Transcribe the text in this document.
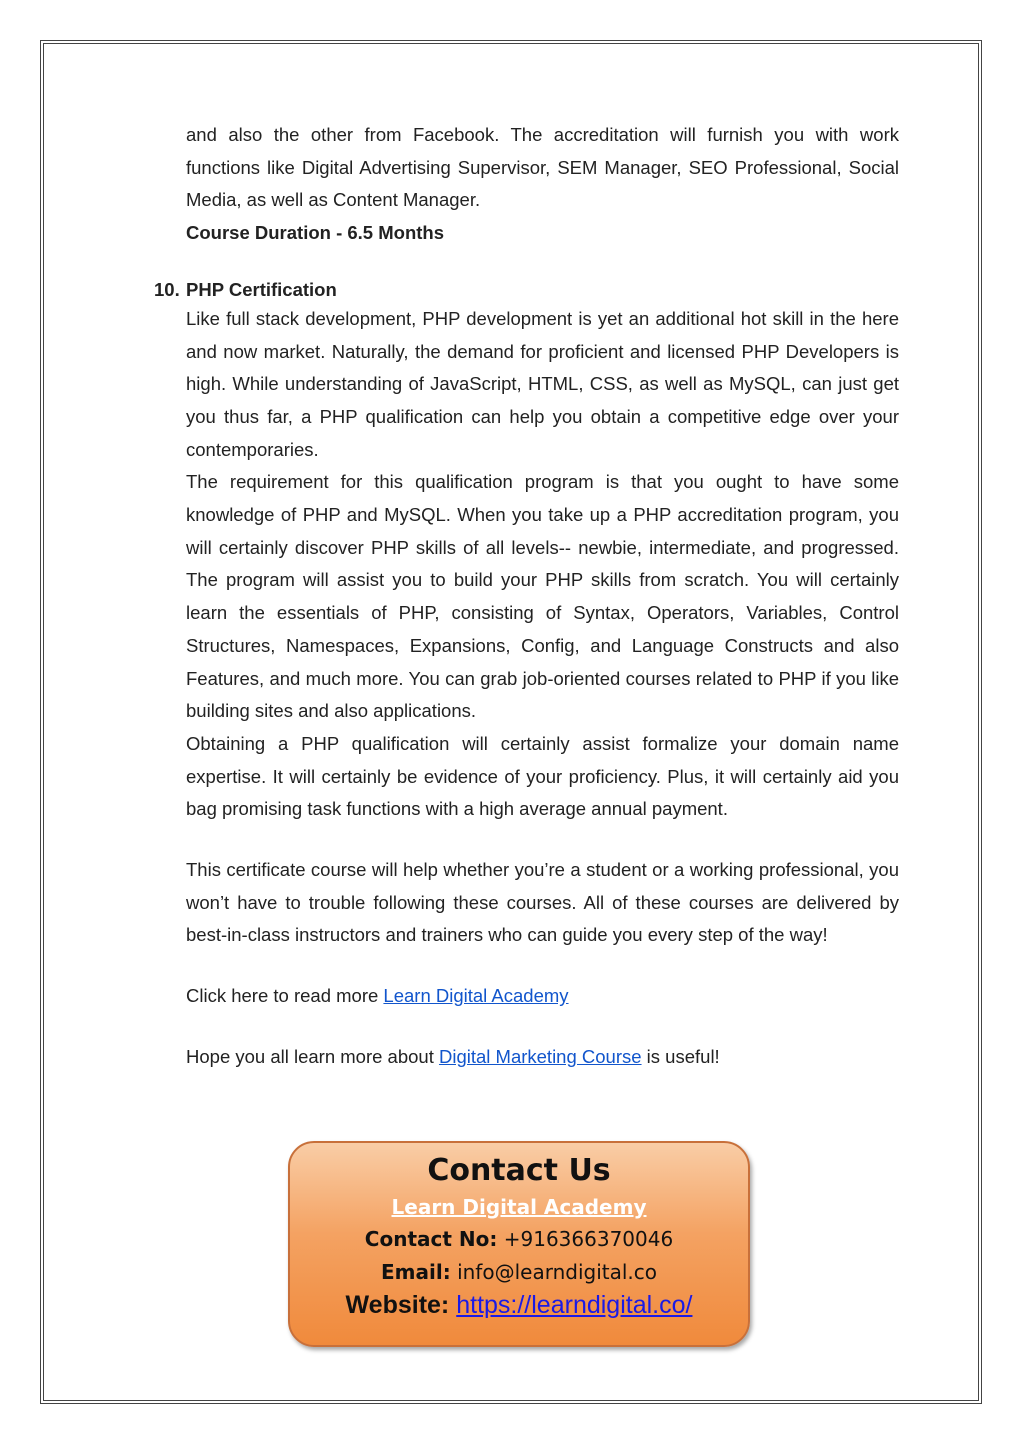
and also the other from Facebook. The accreditation will furnish you with work functions like Digital Advertising Supervisor, SEM Manager, SEO Professional, Social Media, as well as Content Manager.

Course Duration - 6.5 Months

10. PHP Certification

Like full stack development, PHP development is yet an additional hot skill in the here and now market. Naturally, the demand for proficient and licensed PHP Developers is high. While understanding of JavaScript, HTML, CSS, as well as MySQL, can just get you thus far, a PHP qualification can help you obtain a competitive edge over your contemporaries.

The requirement for this qualification program is that you ought to have some knowledge of PHP and MySQL. When you take up a PHP accreditation program, you will certainly discover PHP skills of all levels-- newbie, intermediate, and progressed. The program will assist you to build your PHP skills from scratch. You will certainly learn the essentials of PHP, consisting of Syntax, Operators, Variables, Control Structures, Namespaces, Expansions, Config, and Language Constructs and also Features, and much more. You can grab job-oriented courses related to PHP if you like building sites and also applications.

Obtaining a PHP qualification will certainly assist formalize your domain name expertise. It will certainly be evidence of your proficiency. Plus, it will certainly aid you bag promising task functions with a high average annual payment.

This certificate course will help whether you’re a student or a working professional, you won’t have to trouble following these courses. All of these courses are delivered by best-in-class instructors and trainers who can guide you every step of the way!

Click here to read more Learn Digital Academy

Hope you all learn more about Digital Marketing Course is useful!

Contact Us
Learn Digital Academy
Contact No: +916366370046
Email: info@learndigital.co
Website: https://learndigital.co/
